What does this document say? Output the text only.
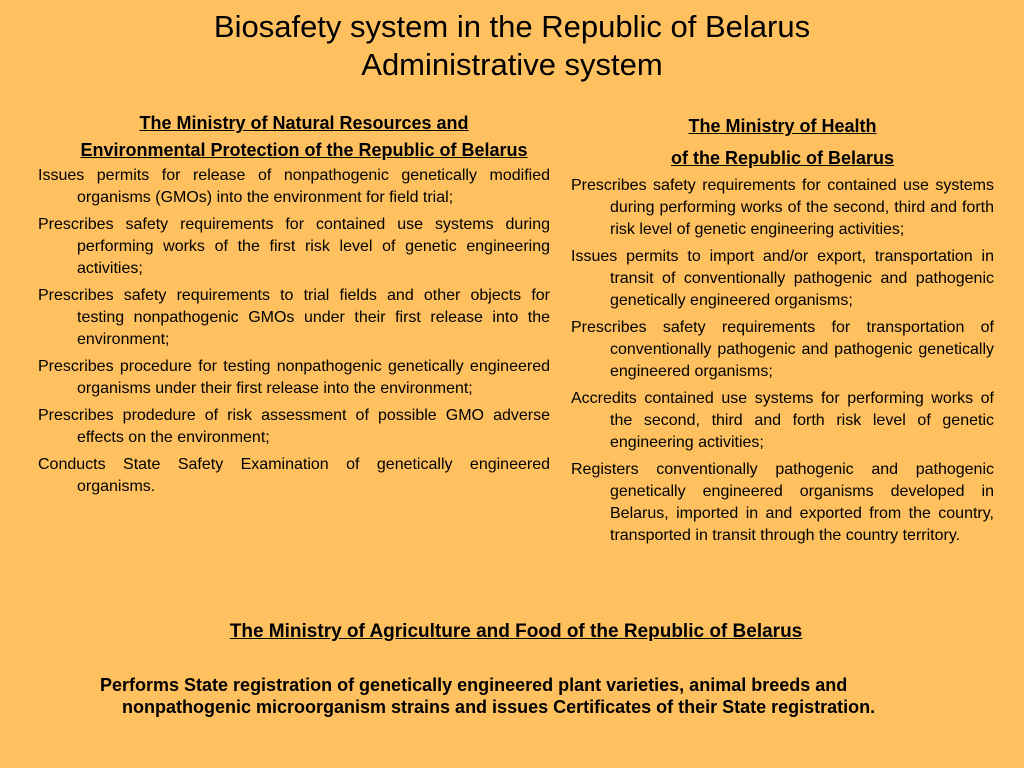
Biosafety system in the Republic of Belarus
Administrative system
The Ministry of Natural Resources and Environmental Protection of the Republic of Belarus
Issues permits for release of nonpathogenic genetically modified organisms (GMOs) into the environment for field trial;
Prescribes safety requirements for contained use systems during performing works of the first risk level of genetic engineering activities;
Prescribes safety requirements to trial fields and other objects for testing nonpathogenic GMOs under their first release into the environment;
Prescribes procedure for testing nonpathogenic genetically engineered organisms under their first release into the environment;
Prescribes prodedure of risk assessment of possible GMO adverse effects on the environment;
Conducts State Safety Examination of genetically engineered organisms.
The Ministry of Health
of the Republic of Belarus
Prescribes safety requirements for contained use systems during performing works of the second, third and forth risk level of genetic engineering activities;
Issues permits to import and/or export, transportation in transit of conventionally pathogenic and pathogenic genetically engineered organisms;
Prescribes safety requirements for transportation of conventionally pathogenic and pathogenic genetically engineered organisms;
Accredits contained use systems for performing works of the second, third and forth risk level of genetic engineering activities;
Registers conventionally pathogenic and pathogenic genetically engineered organisms developed in Belarus, imported in and exported from the country, transported in transit through the country territory.
The Ministry of Agriculture and Food of the Republic of Belarus
Performs State registration of genetically engineered plant varieties, animal breeds and
nonpathogenic microorganism strains and issues Certificates of their State registration.
